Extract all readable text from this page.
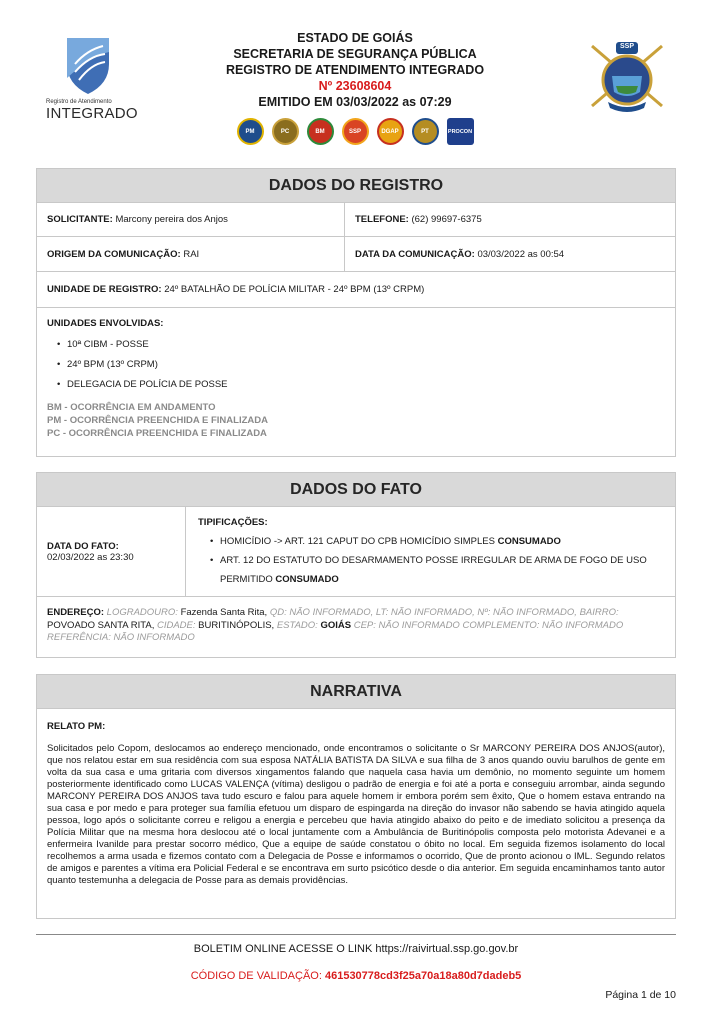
Registro de Atendimento
INTEGRADO
ESTADO DE GOIÁS
SECRETARIA DE SEGURANÇA PÚBLICA
REGISTRO DE ATENDIMENTO INTEGRADO
Nº 23608604
EMITIDO EM 03/03/2022 as 07:29
PM	PC	BM	SSP	DGAP	PT	PROCON
SSP
DADOS DO REGISTRO
SOLICITANTE:
Marcony pereira dos Anjos	TELEFONE:
(62) 99697-6375
ORIGEM DA COMUNICAÇÃO:
RAI	DATA DA COMUNICAÇÃO:
03/03/2022 as 00:54
UNIDADE DE REGISTRO:
24º BATALHÃO DE POLÍCIA MILITAR - 24º BPM (13º CRPM)
UNIDADES ENVOLVIDAS:
• 10ª CIBM - POSSE
• 24º BPM (13º CRPM)
• DELEGACIA DE POLÍCIA DE POSSE
BM - OCORRÊNCIA EM ANDAMENTO
PM - OCORRÊNCIA PREENCHIDA E FINALIZADA
PC - OCORRÊNCIA PREENCHIDA E FINALIZADA
DADOS DO FATO
DATA DO FATO:
02/03/2022 as 23:30
TIPIFICAÇÕES:
• HOMICÍDIO -> ART. 121 CAPUT DO CPB HOMICÍDIO SIMPLES CONSUMADO
• ART. 12 DO ESTATUTO DO DESARMAMENTO POSSE IRREGULAR DE ARMA DE FOGO DE USO PERMITIDO CONSUMADO
ENDEREÇO: LOGRADOURO: Fazenda Santa Rita, QD: NÃO INFORMADO, LT: NÃO INFORMADO, Nº: NÃO INFORMADO, BAIRRO: POVOADO SANTA RITA, CIDADE: BURITINÓPOLIS, ESTADO: GOIÁS CEP: NÃO INFORMADO COMPLEMENTO: NÃO INFORMADO REFERÊNCIA: NÃO INFORMADO
NARRATIVA
RELATO PM:
Solicitados pelo Copom, deslocamos ao endereço mencionado, onde encontramos o solicitante o Sr MARCONY PEREIRA DOS ANJOS(autor), que nos relatou estar em sua residência com sua esposa NATÁLIA BATISTA DA SILVA e sua filha de 3 anos quando ouviu barulhos de gente em volta da sua casa e uma gritaria com diversos xingamentos falando que naquela casa havia um demônio, no momento seguinte um homem posteriormente identificado como LUCAS VALENÇA (vítima) desligou o padrão de energia e foi até a porta e conseguiu arrombar, ainda segundo MARCONY PEREIRA DOS ANJOS tava tudo escuro e falou para aquele homem ir embora porém sem êxito, Que o homem estava entrando na sua casa e por medo e para proteger sua família efetuou um disparo de espingarda na direção do invasor não sabendo se havia atingido aquela pessoa, logo após o solicitante correu e religou a energia e percebeu que havia atingido abaixo do peito e de imediato solicitou a presença da Polícia Militar que na mesma hora deslocou até o local juntamente com a Ambulância de Buritinópolis composta pelo motorista Adevanei e a enfermeira Ivanilde para prestar socorro médico, Que a equipe de saúde constatou o óbito no local. Em seguida fizemos isolamento do local recolhemos a arma usada e fizemos contato com a Delegacia de Posse e informamos o ocorrido, Que de pronto acionou o IML. Segundo relatos de amigos e parentes a vítima era Policial Federal e se encontrava em surto psicótico desde o dia anterior. Em seguida encaminhamos tanto autor quanto testemunha a delegacia de Posse para as demais providências.
BOLETIM ONLINE ACESSE O LINK https://raivirtual.ssp.go.gov.br
CÓDIGO DE VALIDAÇÃO: 461530778cd3f25a70a18a80d7dadeb5
Página 1 de 10
